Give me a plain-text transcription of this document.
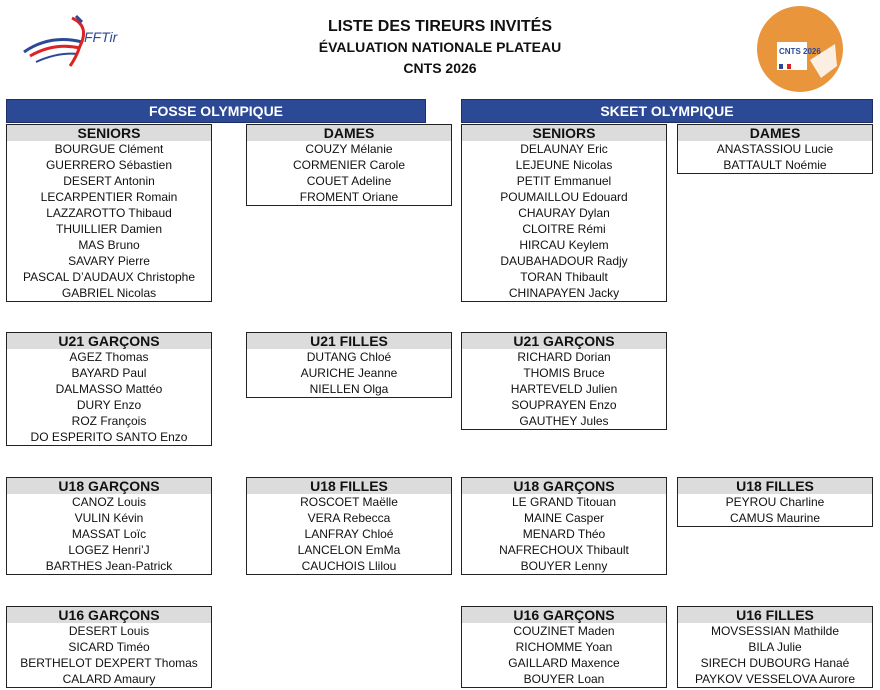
FFTir
LISTE DES TIREURS INVITÉS
ÉVALUATION NATIONALE PLATEAU
CNTS 2026
CNTS 2026
FOSSE OLYMPIQUE	SKEET OLYMPIQUE
SENIORS
BOURGUE Clément
GUERRERO Sébastien
DESERT Antonin
LECARPENTIER Romain
LAZZAROTTO Thibaud
THUILLIER Damien
MAS Bruno
SAVARY Pierre
PASCAL D’AUDAUX Christophe
GABRIEL Nicolas
DAMES
COUZY Mélanie
CORMENIER Carole
COUET Adeline
FROMENT Oriane
SENIORS
DELAUNAY Eric
LEJEUNE Nicolas
PETIT Emmanuel
POUMAILLOU Edouard
CHAURAY Dylan
CLOITRE Rémi
HIRCAU Keylem
DAUBAHADOUR Radjy
TORAN Thibault
CHINAPAYEN Jacky
DAMES
ANASTASSIOU Lucie
BATTAULT Noémie
U21 GARÇONS
AGEZ Thomas
BAYARD Paul
DALMASSO Mattéo
DURY Enzo
ROZ François
DO ESPERITO SANTO Enzo
U21 FILLES
DUTANG Chloé
AURICHE Jeanne
NIELLEN Olga
U21 GARÇONS
RICHARD Dorian
THOMIS Bruce
HARTEVELD Julien
SOUPRAYEN Enzo
GAUTHEY Jules
U18 GARÇONS
CANOZ Louis
VULIN Kévin
MASSAT Loïc
LOGEZ Henri’J
BARTHES Jean-Patrick
U18 FILLES
ROSCOET Maëlle
VERA Rebecca
LANFRAY Chloé
LANCELON EmMa
CAUCHOIS Llilou
U18 GARÇONS
LE GRAND Titouan
MAINE Casper
MENARD Théo
NAFRECHOUX Thibault
BOUYER Lenny
U18 FILLES
PEYROU Charline
CAMUS Maurine
U16 GARÇONS
DESERT Louis
SICARD Timéo
BERTHELOT DEXPERT Thomas
CALARD Amaury
U16 GARÇONS
COUZINET Maden
RICHOMME Yoan
GAILLARD Maxence
BOUYER Loan
U16 FILLES
MOVSESSIAN Mathilde
BILA Julie
SIRECH DUBOURG Hanaé
PAYKOV VESSELOVA Aurore
